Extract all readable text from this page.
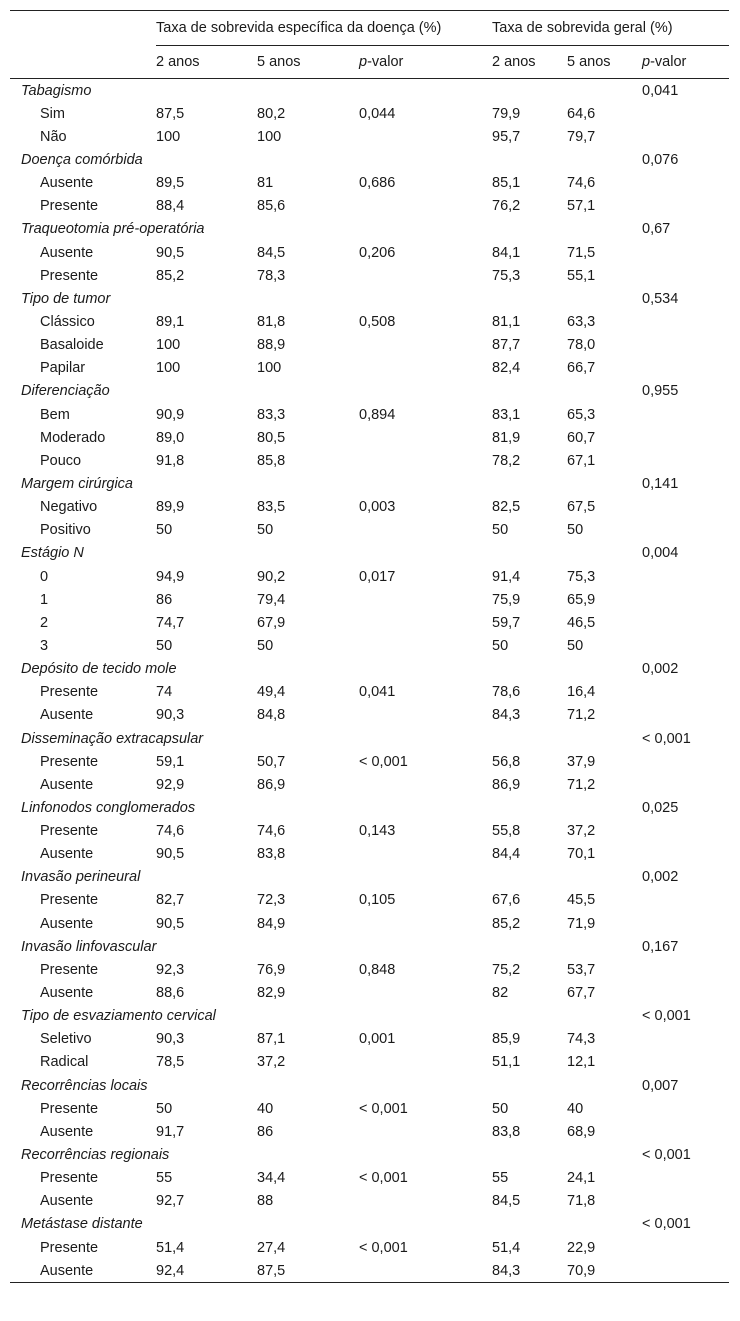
	Taxa de sobrevida específica da doença (%)			Taxa de sobrevida geral (%)		
	2 anos	5 anos	p-valor	2 anos	5 anos	p-valor
Tabagismo						0,041
Sim	87,5	80,2	0,044	79,9	64,6	
Não	100	100		95,7	79,7	
Doença comórbida						0,076
Ausente	89,5	81	0,686	85,1	74,6	
Presente	88,4	85,6		76,2	57,1	
Traqueotomia pré-operatória						0,67
Ausente	90,5	84,5	0,206	84,1	71,5	
Presente	85,2	78,3		75,3	55,1	
Tipo de tumor						0,534
Clássico	89,1	81,8	0,508	81,1	63,3	
Basaloide	100	88,9		87,7	78,0	
Papilar	100	100		82,4	66,7	
Diferenciação						0,955
Bem	90,9	83,3	0,894	83,1	65,3	
Moderado	89,0	80,5		81,9	60,7	
Pouco	91,8	85,8		78,2	67,1	
Margem cirúrgica						0,141
Negativo	89,9	83,5	0,003	82,5	67,5	
Positivo	50	50		50	50	
Estágio N						0,004
0	94,9	90,2	0,017	91,4	75,3	
1	86	79,4		75,9	65,9	
2	74,7	67,9		59,7	46,5	
3	50	50		50	50	
Depósito de tecido mole						0,002
Presente	74	49,4	0,041	78,6	16,4	
Ausente	90,3	84,8		84,3	71,2	
Disseminação extracapsular						< 0,001
Presente	59,1	50,7	< 0,001	56,8	37,9	
Ausente	92,9	86,9		86,9	71,2	
Linfonodos conglomerados						0,025
Presente	74,6	74,6	0,143	55,8	37,2	
Ausente	90,5	83,8		84,4	70,1	
Invasão perineural						0,002
Presente	82,7	72,3	0,105	67,6	45,5	
Ausente	90,5	84,9		85,2	71,9	
Invasão linfovascular						0,167
Presente	92,3	76,9	0,848	75,2	53,7	
Ausente	88,6	82,9		82	67,7	
Tipo de esvaziamento cervical						< 0,001
Seletivo	90,3	87,1	0,001	85,9	74,3	
Radical	78,5	37,2		51,1	12,1	
Recorrências locais						0,007
Presente	50	40	< 0,001	50	40	
Ausente	91,7	86		83,8	68,9	
Recorrências regionais						< 0,001
Presente	55	34,4	< 0,001	55	24,1	
Ausente	92,7	88		84,5	71,8	
Metástase distante						< 0,001
Presente	51,4	27,4	< 0,001	51,4	22,9	
Ausente	92,4	87,5		84,3	70,9	
